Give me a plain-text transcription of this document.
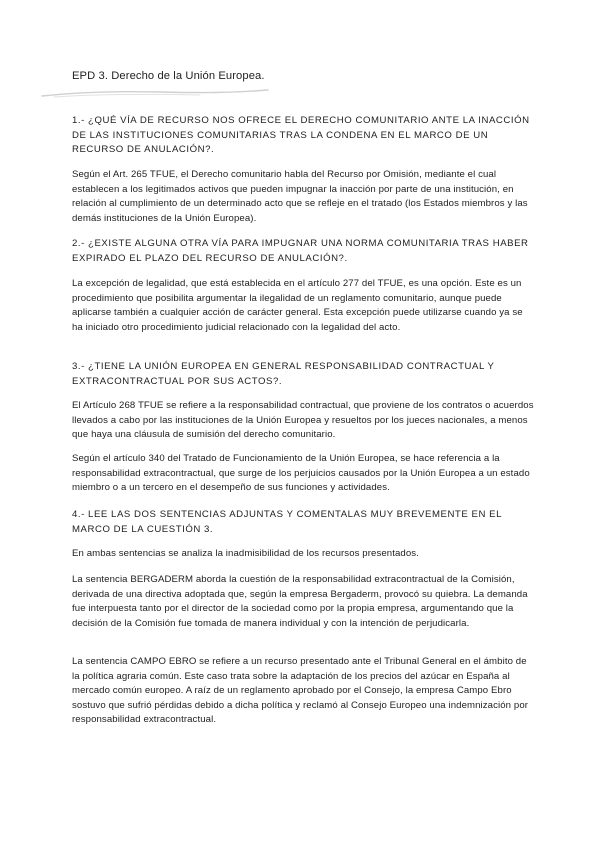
EPD 3. Derecho de la Unión Europea.
1.- ¿QUÉ VÍA DE RECURSO NOS OFRECE EL DERECHO COMUNITARIO ANTE LA INACCIÓN DE LAS INSTITUCIONES COMUNITARIAS TRAS LA CONDENA EN EL MARCO DE UN RECURSO DE ANULACIÓN?.
Según el Art. 265 TFUE, el Derecho comunitario habla del Recurso por Omisión, mediante el cual establecen a los legitimados activos que pueden impugnar la inacción por parte de una institución, en relación al cumplimiento de un determinado acto que se refleje en el tratado (los Estados miembros y las demás instituciones de la Unión Europea).
2.- ¿EXISTE ALGUNA OTRA VÍA PARA IMPUGNAR UNA NORMA COMUNITARIA TRAS HABER EXPIRADO EL PLAZO DEL RECURSO DE ANULACIÓN?.
La excepción de legalidad, que está establecida en el artículo 277 del TFUE, es una opción. Este es un procedimiento que posibilita argumentar la ilegalidad de un reglamento comunitario, aunque puede aplicarse también a cualquier acción de carácter general. Esta excepción puede utilizarse cuando ya se ha iniciado otro procedimiento judicial relacionado con la legalidad del acto.
3.- ¿TIENE LA UNIÓN EUROPEA EN GENERAL RESPONSABILIDAD CONTRACTUAL Y EXTRACONTRACTUAL POR SUS ACTOS?.
El Artículo 268 TFUE se refiere a la responsabilidad contractual, que proviene de los contratos o acuerdos llevados a cabo por las instituciones de la Unión Europea y resueltos por los jueces nacionales, a menos que haya una cláusula de sumisión del derecho comunitario.
Según el artículo 340 del Tratado de Funcionamiento de la Unión Europea, se hace referencia a la responsabilidad extracontractual, que surge de los perjuicios causados por la Unión Europea a un estado miembro o a un tercero en el desempeño de sus funciones y actividades.
4.- LEE LAS DOS SENTENCIAS ADJUNTAS Y COMENTALAS MUY BREVEMENTE EN EL MARCO DE LA CUESTIÓN 3.
En ambas sentencias se analiza la inadmisibilidad de los recursos presentados.
La sentencia BERGADERM aborda la cuestión de la responsabilidad extracontractual de la Comisión, derivada de una directiva adoptada que, según la empresa Bergaderm, provocó su quiebra. La demanda fue interpuesta tanto por el director de la sociedad como por la propia empresa, argumentando que la decisión de la Comisión fue tomada de manera individual y con la intención de perjudicarla.
La sentencia CAMPO EBRO se refiere a un recurso presentado ante el Tribunal General en el ámbito de la política agraria común. Este caso trata sobre la adaptación de los precios del azúcar en España al mercado común europeo. A raíz de un reglamento aprobado por el Consejo, la empresa Campo Ebro sostuvo que sufrió pérdidas debido a dicha política y reclamó al Consejo Europeo una indemnización por responsabilidad extracontractual.
